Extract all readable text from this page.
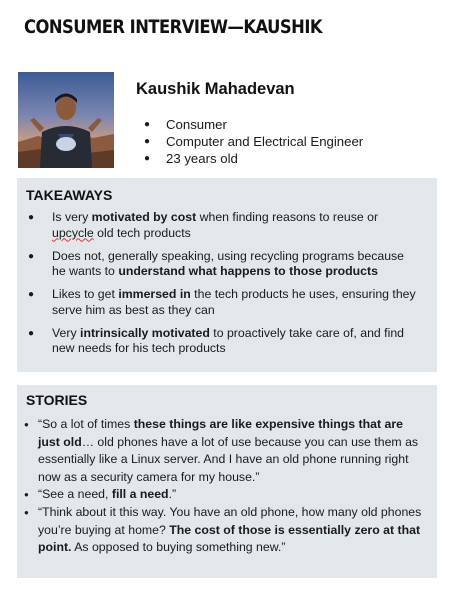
CONSUMER INTERVIEW—KAUSHIK
Kaushik Mahadevan
● Consumer
● Computer and Electrical Engineer
● 23 years old
TAKEAWAYS
● Is very motivated by cost when finding reasons to reuse or upcycle old tech products
● Does not, generally speaking, using recycling programs because he wants to understand what happens to those products
● Likes to get immersed in the tech products he uses, ensuring they serve him as best as they can
● Very intrinsically motivated to proactively take care of, and find new needs for his tech products
STORIES
● “So a lot of times these things are like expensive things that are just old… old phones have a lot of use because you can use them as essentially like a Linux server. And I have an old phone running right now as a security camera for my house.”
● “See a need, fill a need.”
● “Think about it this way. You have an old phone, how many old phones you’re buying at home? The cost of those is essentially zero at that point. As opposed to buying something new.”
